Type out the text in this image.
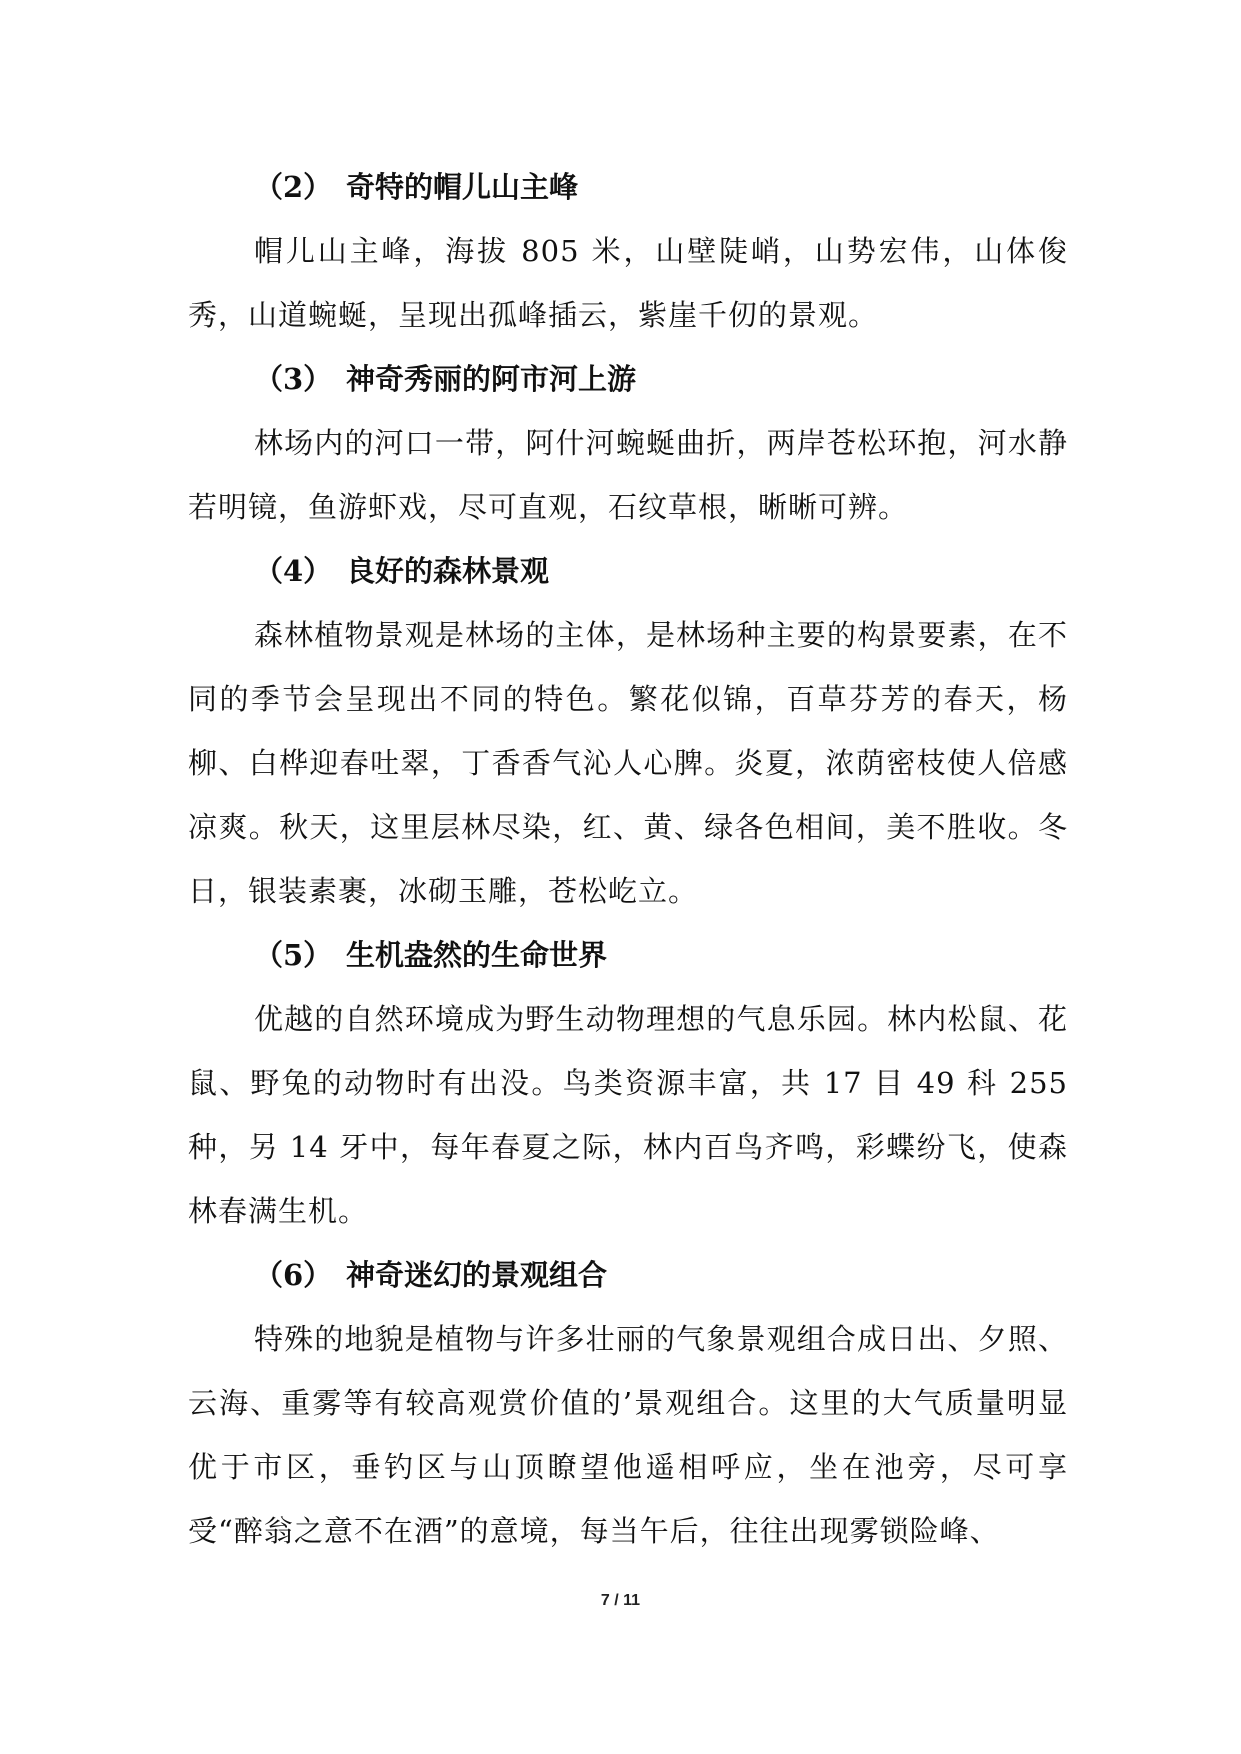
（2） 奇特的帽儿山主峰

帽儿山主峰，海拔 805 米，山壁陡峭，山势宏伟，山体俊秀，山道蜿蜒，呈现出孤峰插云，紫崖千仞的景观。

（3） 神奇秀丽的阿市河上游

林场内的河口一带，阿什河蜿蜒曲折，两岸苍松环抱，河水静若明镜，鱼游虾戏，尽可直观，石纹草根，晰晰可辨。

（4） 良好的森林景观

森林植物景观是林场的主体，是林场种主要的构景要素，在不同的季节会呈现出不同的特色。繁花似锦，百草芬芳的春天，杨柳、白桦迎春吐翠，丁香香气沁人心脾。炎夏，浓荫密枝使人倍感凉爽。秋天，这里层林尽染，红、黄、绿各色相间，美不胜收。冬日，银装素裹，冰砌玉雕，苍松屹立。

（5） 生机盎然的生命世界

优越的自然环境成为野生动物理想的气息乐园。林内松鼠、花鼠、野兔的动物时有出没。鸟类资源丰富，共 17 目 49 科 255 种，另 14 牙中，每年春夏之际，林内百鸟齐鸣，彩蝶纷飞，使森林春满生机。

（6） 神奇迷幻的景观组合

特殊的地貌是植物与许多壮丽的气象景观组合成日出、夕照、云海、重雾等有较高观赏价值的’景观组合。这里的大气质量明显优于市区，垂钓区与山顶瞭望他遥相呼应，坐在池旁，尽可享受“醉翁之意不在酒”的意境，每当午后，往往出现雾锁险峰、

7 / 11
